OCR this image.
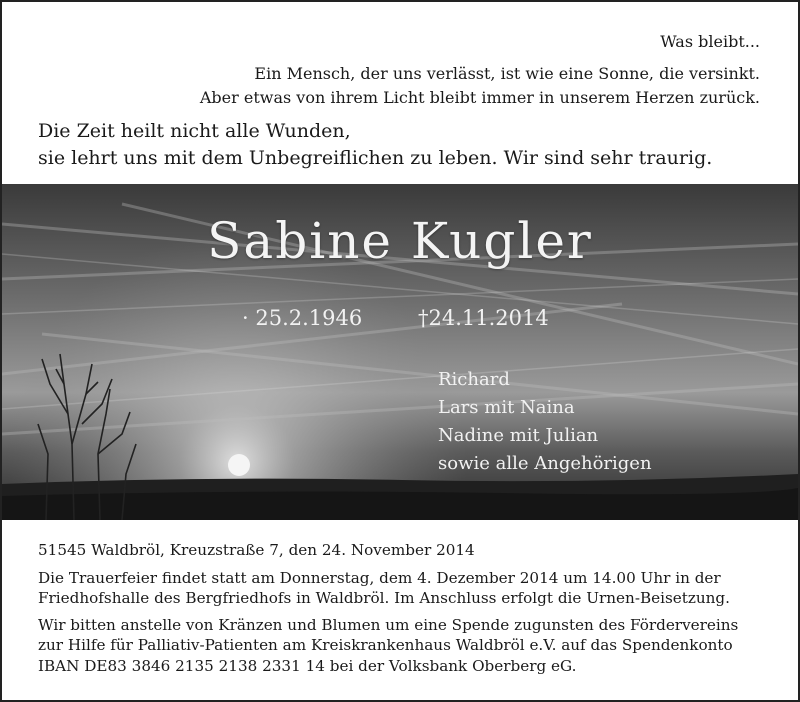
Was bleibt...
Ein Mensch, der uns verlässt, ist wie eine Sonne, die versinkt.
Aber etwas von ihrem Licht bleibt immer in unserem Herzen zurück.
Die Zeit heilt nicht alle Wunden,
sie lehrt uns mit dem Unbegreiflichen zu leben. Wir sind sehr traurig.
Sabine Kugler
· 25.2.1946	†24.11.2014
Richard
Lars mit Naina
Nadine mit Julian
sowie alle Angehörigen

51545 Waldbröl, Kreuzstraße 7, den 24. November 2014

Die Trauerfeier findet statt am Donnerstag, dem 4. Dezember 2014 um 14.00 Uhr in der Friedhofshalle des Bergfriedhofs in Waldbröl. Im Anschluss erfolgt die Urnen-Beisetzung.

Wir bitten anstelle von Kränzen und Blumen um eine Spende zugunsten des Fördervereins zur Hilfe für Palliativ-Patienten am Kreiskrankenhaus Waldbröl e.V. auf das Spendenkonto IBAN DE83 3846 2135 2138 2331 14 bei der Volksbank Oberberg eG.
